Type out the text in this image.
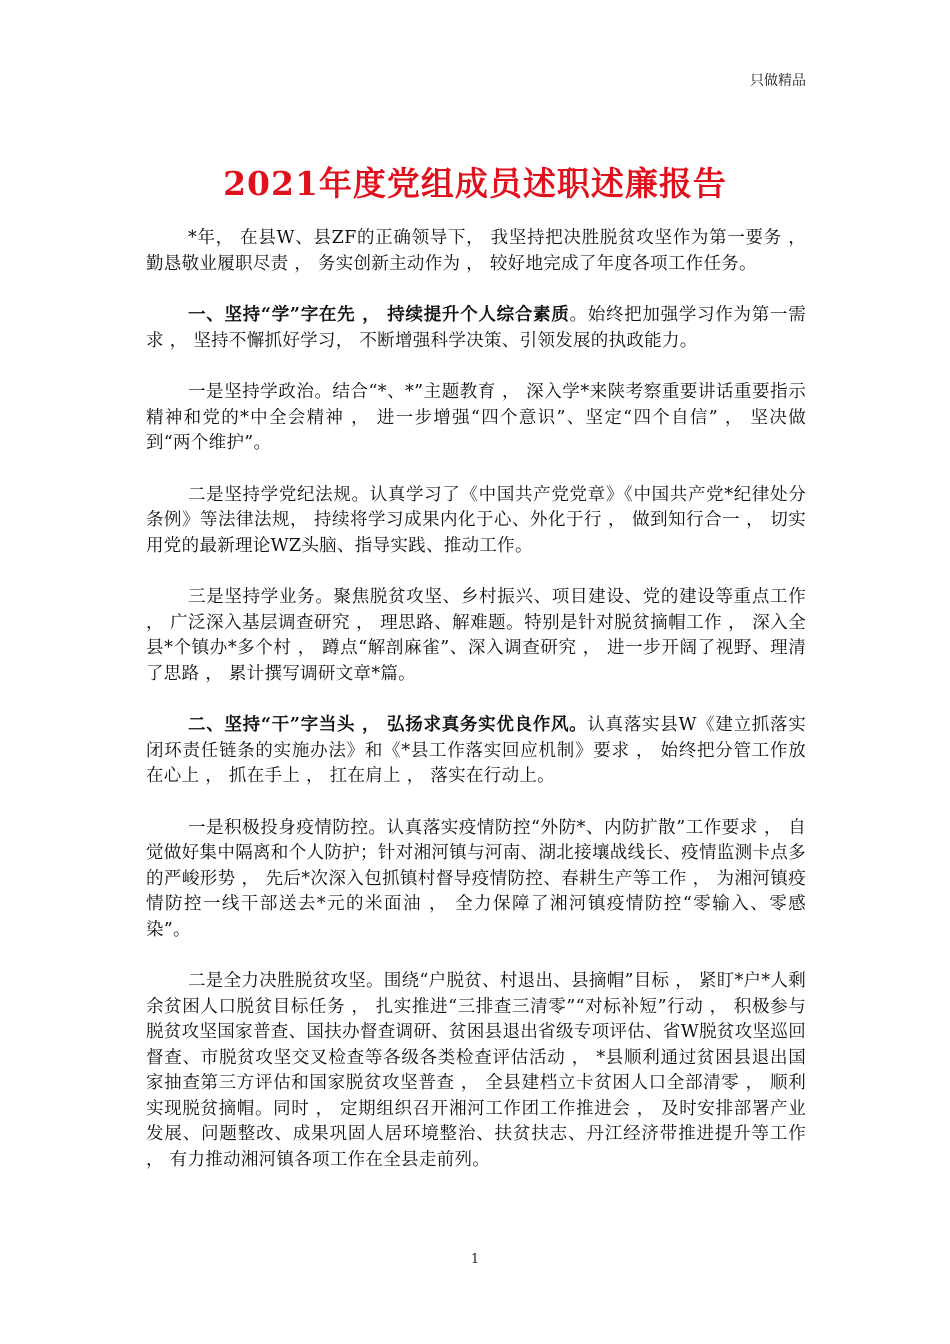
只做精品
2021年度党组成员述职述廉报告

*年， 在县W、县ZF的正确领导下， 我坚持把决胜脱贫攻坚作为第一要务 ， 勤恳敬业履职尽责 ， 务实创新主动作为 ， 较好地完成了年度各项工作任务。

一、坚持“学”字在先 ， 持续提升个人综合素质。始终把加强学习作为第一需求 ， 坚持不懈抓好学习， 不断增强科学决策、引领发展的执政能力。

一是坚持学政治。结合“*、*”主题教育 ， 深入学*来陕考察重要讲话重要指示精神和党的*中全会精神 ， 进一步增强“四个意识”、坚定“四个自信” ， 坚决做到“两个维护”。

二是坚持学党纪法规。认真学习了《中国共产党党章》《中国共产党*纪律处分条例》等法律法规， 持续将学习成果内化于心、外化于行 ， 做到知行合一 ， 切实用党的最新理论WZ头脑、指导实践、推动工作。

三是坚持学业务。聚焦脱贫攻坚、乡村振兴、项目建设、党的建设等重点工作 ， 广泛深入基层调查研究 ， 理思路、解难题。特别是针对脱贫摘帽工作 ， 深入全县*个镇办*多个村 ， 蹲点“解剖麻雀”、深入调查研究 ， 进一步开阔了视野、理清了思路 ， 累计撰写调研文章*篇。

二、坚持“干”字当头 ， 弘扬求真务实优良作风。认真落实县W《建立抓落实闭环责任链条的实施办法》和《*县工作落实回应机制》要求 ， 始终把分管工作放在心上 ， 抓在手上 ， 扛在肩上 ， 落实在行动上。

一是积极投身疫情防控。认真落实疫情防控“外防*、内防扩散”工作要求 ， 自觉做好集中隔离和个人防护；针对湘河镇与河南、湖北接壤战线长、疫情监测卡点多的严峻形势 ， 先后*次深入包抓镇村督导疫情防控、春耕生产等工作 ， 为湘河镇疫情防控一线干部送去*元的米面油 ， 全力保障了湘河镇疫情防控“零输入、零感染”。

二是全力决胜脱贫攻坚。围绕“户脱贫、村退出、县摘帽”目标 ， 紧盯*户*人剩余贫困人口脱贫目标任务 ， 扎实推进“三排查三清零”“对标补短”行动 ， 积极参与脱贫攻坚国家普查、国扶办督查调研、贫困县退出省级专项评估、省W脱贫攻坚巡回督查、市脱贫攻坚交叉检查等各级各类检查评估活动 ， *县顺利通过贫困县退出国家抽查第三方评估和国家脱贫攻坚普查 ， 全县建档立卡贫困人口全部清零 ， 顺利实现脱贫摘帽。同时 ， 定期组织召开湘河工作团工作推进会 ， 及时安排部署产业发展、问题整改、成果巩固人居环境整治、扶贫扶志、丹江经济带推进提升等工作 ， 有力推动湘河镇各项工作在全县走前列。

1
